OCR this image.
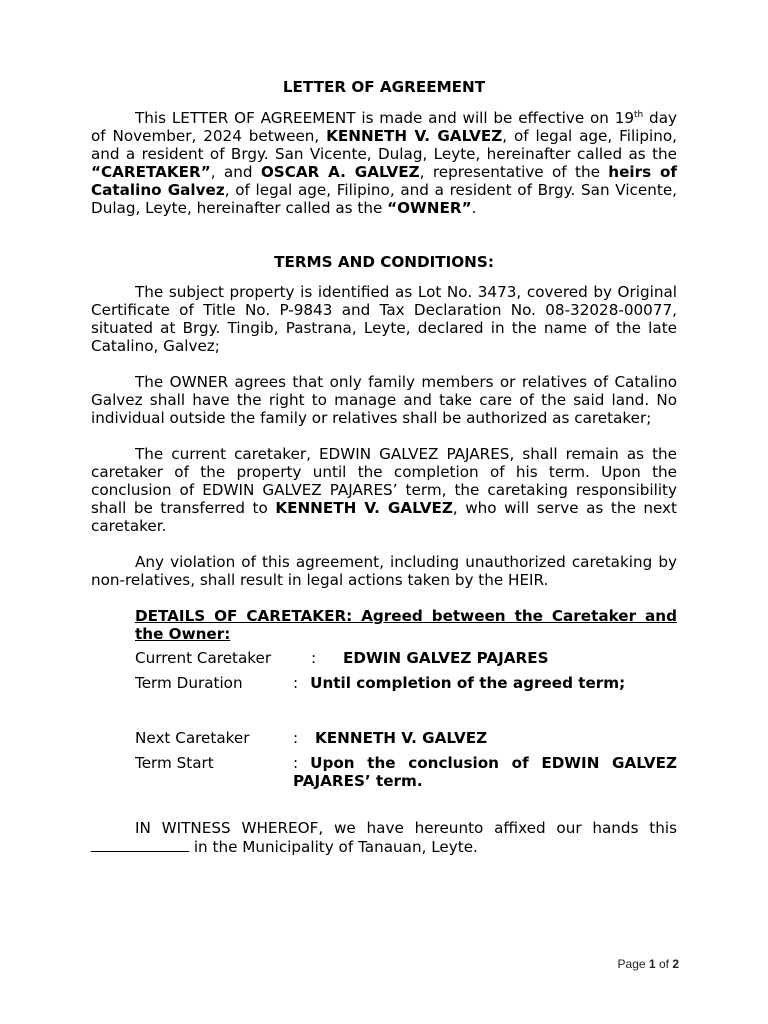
LETTER OF AGREEMENT

This LETTER OF AGREEMENT is made and will be effective on 19th day of November, 2024 between, KENNETH V. GALVEZ, of legal age, Filipino, and a resident of Brgy. San Vicente, Dulag, Leyte, hereinafter called as the “CARETAKER”, and OSCAR A. GALVEZ, representative of the heirs of Catalino Galvez, of legal age, Filipino, and a resident of Brgy. San Vicente, Dulag, Leyte, hereinafter called as the “OWNER”.

TERMS AND CONDITIONS:

The subject property is identified as Lot No. 3473, covered by Original Certificate of Title No. P-9843 and Tax Declaration No. 08-32028-00077, situated at Brgy. Tingib, Pastrana, Leyte, declared in the name of the late Catalino, Galvez;

The OWNER agrees that only family members or relatives of Catalino Galvez shall have the right to manage and take care of the said land. No individual outside the family or relatives shall be authorized as caretaker;

The current caretaker, EDWIN GALVEZ PAJARES, shall remain as the caretaker of the property until the completion of his term. Upon the conclusion of EDWIN GALVEZ PAJARES’ term, the caretaking responsibility shall be transferred to KENNETH V. GALVEZ, who will serve as the next caretaker.

Any violation of this agreement, including unauthorized caretaking by non-relatives, shall result in legal actions taken by the HEIR.

DETAILS OF CARETAKER: Agreed between the Caretaker and the Owner:
Current Caretaker	:	EDWIN GALVEZ PAJARES
Term Duration	: Until completion of the agreed term;
Next Caretaker	:	KENNETH V. GALVEZ
Term Start	: Upon the conclusion of EDWIN GALVEZ PAJARES’ term.

IN WITNESS WHEREOF, we have hereunto affixed our hands this  in the Municipality of Tanauan, Leyte.

Page 1 of 2
